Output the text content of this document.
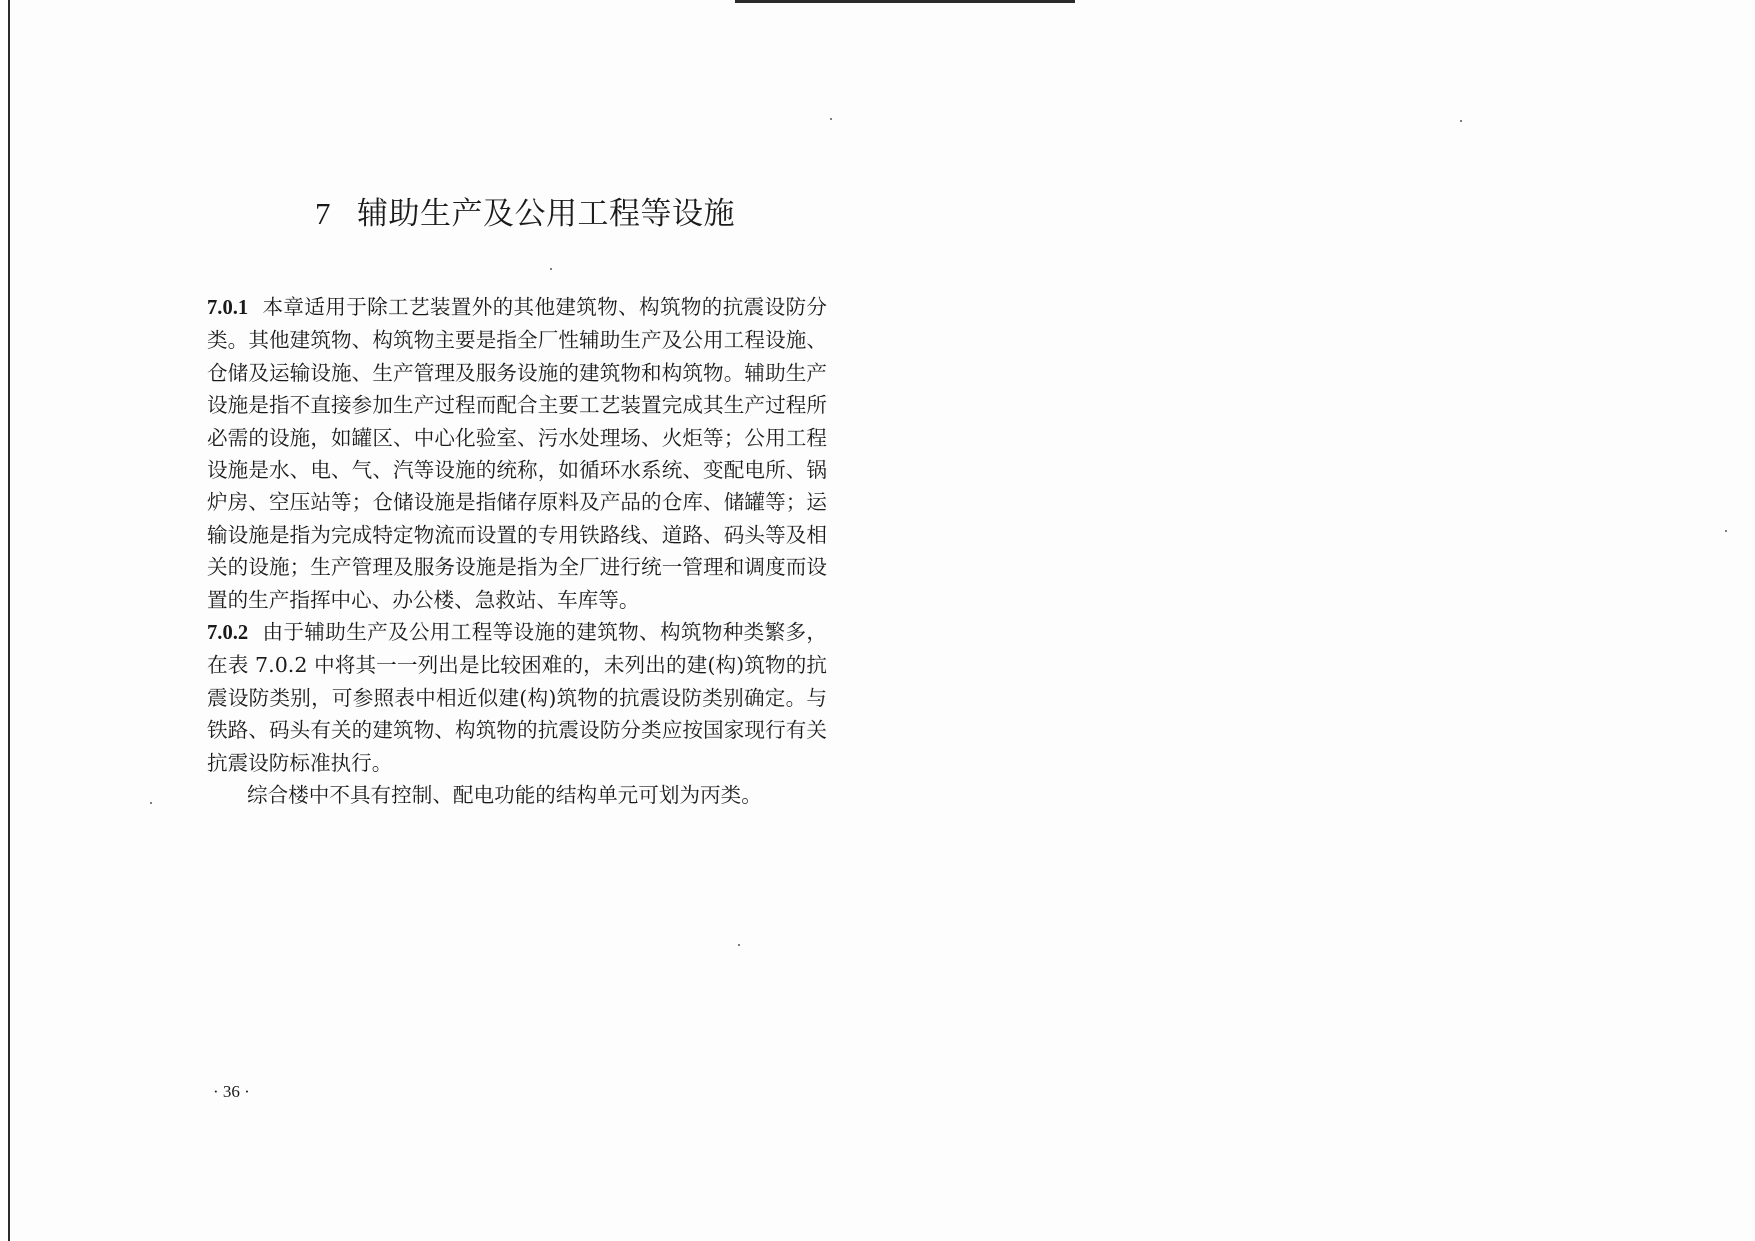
7 辅助生产及公用工程等设施

7.0.1 本章适用于除工艺装置外的其他建筑物、构筑物的抗震设防分类。其他建筑物、构筑物主要是指全厂性辅助生产及公用工程设施、仓储及运输设施、生产管理及服务设施的建筑物和构筑物。辅助生产设施是指不直接参加生产过程而配合主要工艺装置完成其生产过程所必需的设施，如罐区、中心化验室、污水处理场、火炬等；公用工程设施是水、电、气、汽等设施的统称，如循环水系统、变配电所、锅炉房、空压站等；仓储设施是指储存原料及产品的仓库、储罐等；运输设施是指为完成特定物流而设置的专用铁路线、道路、码头等及相关的设施；生产管理及服务设施是指为全厂进行统一管理和调度而设置的生产指挥中心、办公楼、急救站、车库等。

7.0.2 由于辅助生产及公用工程等设施的建筑物、构筑物种类繁多，在表 7.0.2 中将其一一列出是比较困难的，未列出的建(构)筑物的抗震设防类别，可参照表中相近似建(构)筑物的抗震设防类别确定。与铁路、码头有关的建筑物、构筑物的抗震设防分类应按国家现行有关抗震设防标准执行。

综合楼中不具有控制、配电功能的结构单元可划为丙类。

· 36 ·
